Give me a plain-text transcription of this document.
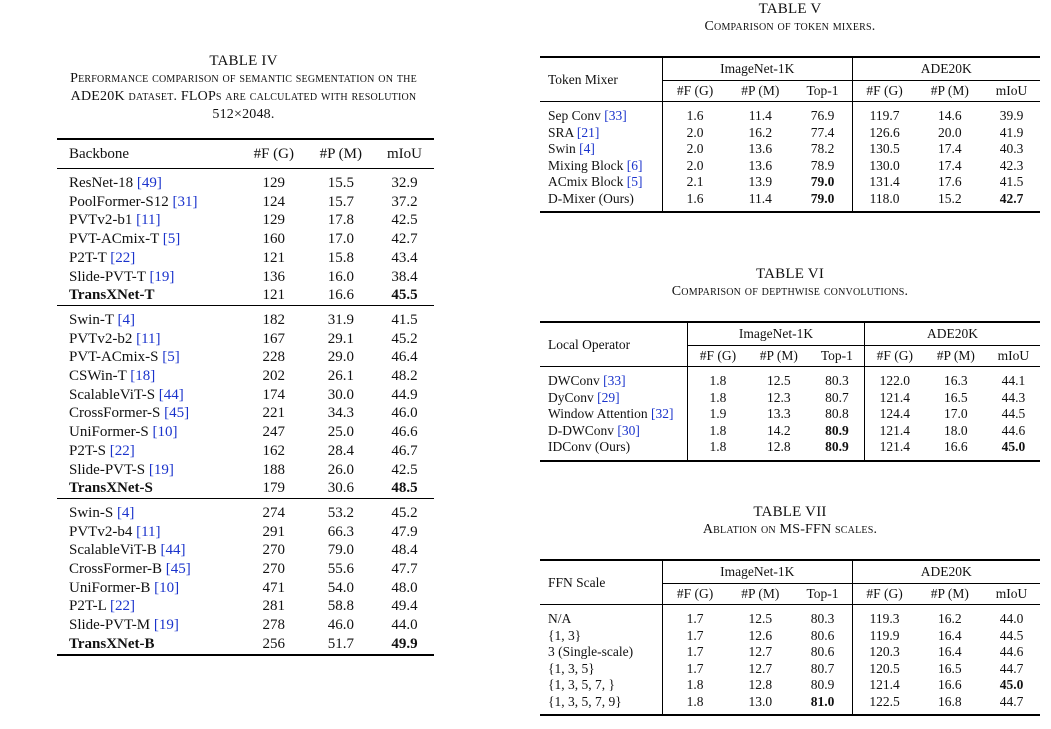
TABLE IV
Performance comparison of semantic segmentation on the
ADE20K dataset. FLOPs are calculated with resolution
512×2048.
Backbone	#F (G)	#P (M)	mIoU
ResNet-18 [49]	129	15.5	32.9
PoolFormer-S12 [31]	124	15.7	37.2
PVTv2-b1 [11]	129	17.8	42.5
PVT-ACmix-T [5]	160	17.0	42.7
P2T-T [22]	121	15.8	43.4
Slide-PVT-T [19]	136	16.0	38.4
TransXNet-T	121	16.6	45.5
Swin-T [4]	182	31.9	41.5
PVTv2-b2 [11]	167	29.1	45.2
PVT-ACmix-S [5]	228	29.0	46.4
CSWin-T [18]	202	26.1	48.2
ScalableViT-S [44]	174	30.0	44.9
CrossFormer-S [45]	221	34.3	46.0
UniFormer-S [10]	247	25.0	46.6
P2T-S [22]	162	28.4	46.7
Slide-PVT-S [19]	188	26.0	42.5
TransXNet-S	179	30.6	48.5
Swin-S [4]	274	53.2	45.2
PVTv2-b4 [11]	291	66.3	47.9
ScalableViT-B [44]	270	79.0	48.4
CrossFormer-B [45]	270	55.6	47.7
UniFormer-B [10]	471	54.0	48.0
P2T-L [22]	281	58.8	49.4
Slide-PVT-M [19]	278	46.0	44.0
TransXNet-B	256	51.7	49.9
TABLE V
Comparison of token mixers.
Token Mixer	ImageNet-1K			ADE20K		
	#F (G)	#P (M)	Top-1	#F (G)	#P (M)	mIoU
Sep Conv [33]	1.6	11.4	76.9	119.7	14.6	39.9
SRA [21]	2.0	16.2	77.4	126.6	20.0	41.9
Swin [4]	2.0	13.6	78.2	130.5	17.4	40.3
Mixing Block [6]	2.0	13.6	78.9	130.0	17.4	42.3
ACmix Block [5]	2.1	13.9	79.0	131.4	17.6	41.5
D-Mixer (Ours)	1.6	11.4	79.0	118.0	15.2	42.7
TABLE VI
Comparison of depthwise convolutions.
Local Operator	ImageNet-1K			ADE20K		
	#F (G)	#P (M)	Top-1	#F (G)	#P (M)	mIoU
DWConv [33]	1.8	12.5	80.3	122.0	16.3	44.1
DyConv [29]	1.8	12.3	80.7	121.4	16.5	44.3
Window Attention [32]	1.9	13.3	80.8	124.4	17.0	44.5
D-DWConv [30]	1.8	14.2	80.9	121.4	18.0	44.6
IDConv (Ours)	1.8	12.8	80.9	121.4	16.6	45.0
TABLE VII
Ablation on MS-FFN scales.
FFN Scale	ImageNet-1K			ADE20K		
	#F (G)	#P (M)	Top-1	#F (G)	#P (M)	mIoU
N/A	1.7	12.5	80.3	119.3	16.2	44.0
{1, 3}	1.7	12.6	80.6	119.9	16.4	44.5
3 (Single-scale)	1.7	12.7	80.6	120.3	16.4	44.6
{1, 3, 5}	1.7	12.7	80.7	120.5	16.5	44.7
{1, 3, 5, 7, }	1.8	12.8	80.9	121.4	16.6	45.0
{1, 3, 5, 7, 9}	1.8	13.0	81.0	122.5	16.8	44.7
